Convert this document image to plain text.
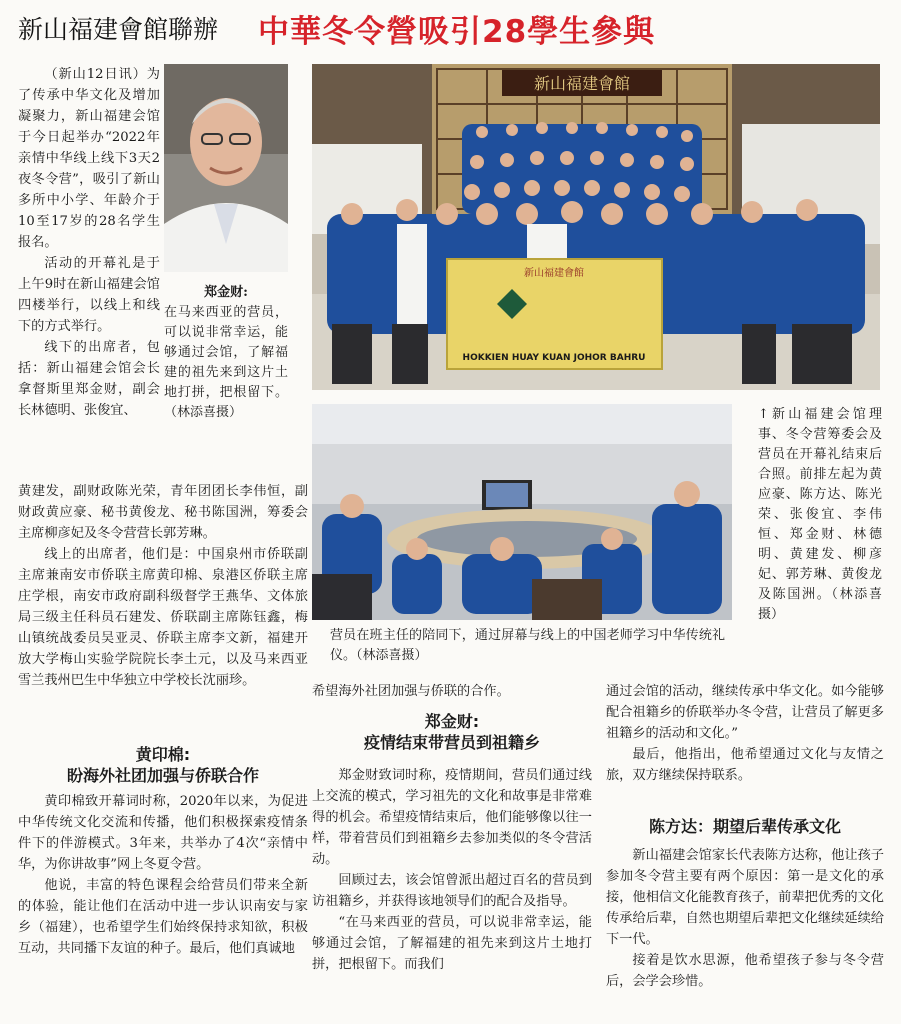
新山福建會館聯辦 中華冬令營吸引28學生參與

（新山12日讯）为了传承中华文化及增加凝聚力，新山福建会馆于今日起举办“2022年亲情中华线上线下3天2夜冬令营”，吸引了新山多所中小学、年龄介于10至17岁的28名学生报名。

活动的开幕礼是于上午9时在新山福建会馆四楼举行，以线上和线下的方式举行。

线下的出席者，包括：新山福建会馆会长拿督斯里郑金财，副会长林德明、张俊宜、

郑金财:
在马来西亚的营员，可以说非常幸运，能够通过会馆，了解福建的祖先来到这片土地打拼，把根留下。（林添喜摄）

黄建发，副财政陈光荣，青年团团长李伟恒，副财政黄应豪、秘书黄俊龙、秘书陈国洲，筹委会主席柳彦妃及冬令营营长郭芳琳。

线上的出席者，他们是：中国泉州市侨联副主席兼南安市侨联主席黄印棉、泉港区侨联主席庄学根，南安市政府副科级督学王燕华、文体旅局三级主任科员石建发、侨联副主席陈钰鑫，梅山镇统战委员吴亚灵、侨联主席李文新，福建开放大学梅山实验学院院长李土元，以及马来西亚雪兰莪州巴生中华独立中学校长沈丽珍。

黄印棉:
盼海外社团加强与侨联合作

黄印棉致开幕词时称，2020年以来，为促进中华传统文化交流和传播，他们积极探索疫情条件下的伴游模式。3年来，共举办了4次“亲情中华，为你讲故事”网上冬夏令营。

他说，丰富的特色课程会给营员们带来全新的体验，能让他们在活动中进一步认识南安与家乡（福建），也希望学生们始终保持求知欲，积极互动，共同播下友谊的种子。最后，他们真诚地

新山福建會館
新山福建會館
HOKKIEN HUAY KUAN JOHOR BAHRU
营员在班主任的陪同下，通过屏幕与线上的中国老师学习中华传统礼仪。（林添喜摄）
↑新山福建会馆理事、冬令营筹委会及营员在开幕礼结束后合照。前排左起为黄应豪、陈方达、陈光荣、张俊宜、李伟恒、郑金财、林德明、黄建发、柳彦妃、郭芳琳、黄俊龙及陈国洲。（林添喜摄）

希望海外社团加强与侨联的合作。

郑金财:
疫情结束带营员到祖籍乡

郑金财致词时称，疫情期间，营员们通过线上交流的模式，学习祖先的文化和故事是非常难得的机会。希望疫情结束后，他们能够像以往一样，带着营员们到祖籍乡去参加类似的冬令营活动。

回顾过去，该会馆曾派出超过百名的营员到访祖籍乡，并获得该地领导们的配合及指导。

“在马来西亚的营员，可以说非常幸运，能够通过会馆，了解福建的祖先来到这片土地打拼，把根留下。而我们

通过会馆的活动，继续传承中华文化。如今能够配合祖籍乡的侨联举办冬令营，让营员了解更多祖籍乡的活动和文化。”

最后，他指出，他希望通过文化与友情之旅，双方继续保持联系。

陈方达：期望后辈传承文化

新山福建会馆家长代表陈方达称，他让孩子参加冬令营主要有两个原因：第一是文化的承接，他相信文化能教育孩子，前辈把优秀的文化传承给后辈，自然也期望后辈把文化继续延续给下一代。

接着是饮水思源，他希望孩子参与冬令营后，会学会珍惜。
